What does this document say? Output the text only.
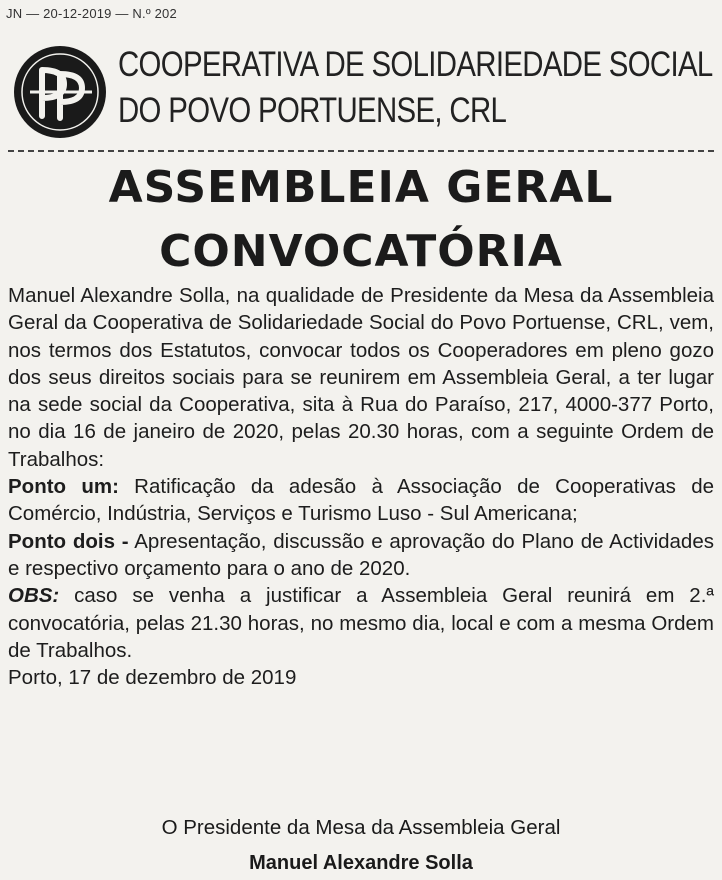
JN — 20-12-2019 — N.º 202
COOPERATIVA DE SOLIDARIEDADE SOCIAL
DO POVO PORTUENSE, CRL
ASSEMBLEIA GERAL
CONVOCATÓRIA

Manuel Alexandre Solla, na qualidade de Presidente da Mesa da Assembleia Geral da Cooperativa de Solidariedade Social do Povo Portuense, CRL, vem, nos termos dos Estatutos, convocar todos os Cooperadores em pleno gozo dos seus direitos sociais para se reunirem em Assembleia Geral, a ter lugar na sede social da Cooperativa, sita à Rua do Paraíso, 217, 4000-377 Porto, no dia 16 de janeiro de 2020, pelas 20.30 horas, com a seguinte Ordem de Trabalhos:

Ponto um: Ratificação da adesão à Associação de Cooperativas de Comércio, Indústria, Serviços e Turismo Luso - Sul Americana;

Ponto dois - Apresentação, discussão e aprovação do Plano de Actividades e respectivo orçamento para o ano de 2020.

OBS: caso se venha a justificar a Assembleia Geral reunirá em 2.ª convocatória, pelas 21.30 horas, no mesmo dia, local e com a mesma Ordem de Trabalhos.

Porto, 17 de dezembro de 2019

O Presidente da Mesa da Assembleia Geral
Manuel Alexandre Solla
